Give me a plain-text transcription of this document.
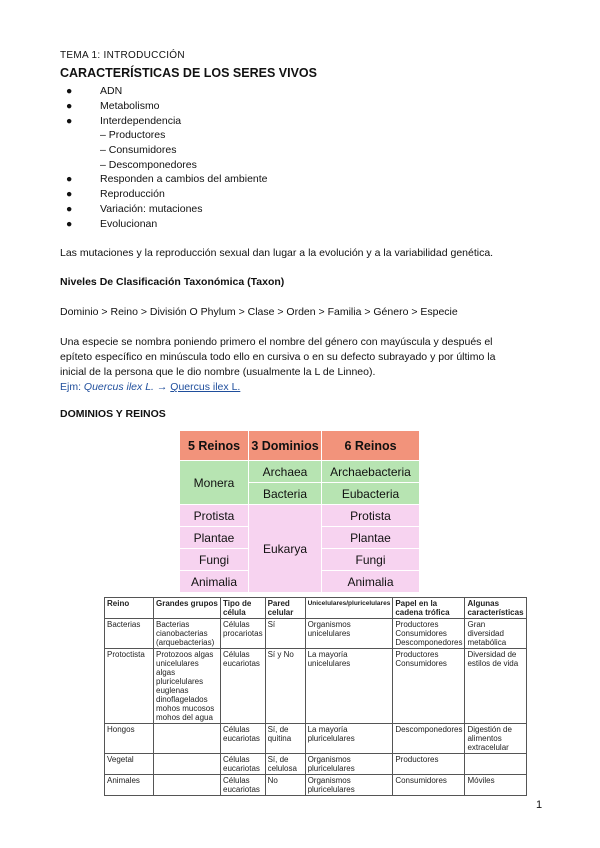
TEMA 1: INTRODUCCIÓN
CARACTERÍSTICAS DE LOS SERES VIVOS
●	ADN
●	Metabolismo
●	Interdependencia
– Productores
– Consumidores
– Descomponedores
●	Responden a cambios del ambiente
●	Reproducción
●	Variación: mutaciones
●	Evolucionan
Las mutaciones y la reproducción sexual dan lugar a la evolución y a la variabilidad genética.
Niveles De Clasificación Taxonómica (Taxon)
Dominio > Reino > División O Phylum > Clase > Orden > Familia > Género > Especie
Una especie se nombra poniendo primero el nombre del género con mayúscula y después el
epíteto específico en minúscula todo ello en cursiva o en su defecto subrayado y por último la
inicial de la persona que le dio nombre (usualmente la L de Linneo).
Ejm: Quercus ilex L. → Quercus ilex L.
DOMINIOS Y REINOS
5 Reinos	3 Dominios	6 Reinos
Monera	Archaea	Archaebacteria
	Bacteria	Eubacteria
Protista	Eukarya	Protista
Plantae		Plantae
Fungi		Fungi
Animalia		Animalia
Reino	Grandes grupos	Tipo de célula	Pared celular	Unicelulares/pluricelulares	Papel en la cadena trófica	Algunas características
Bacterias	Bacterias cianobacterias (arquebacterias)	Células procariotas	Sí	Organismos unicelulares	Productores Consumidores Descomponedores	Gran diversidad metabólica
Protoctista	Protozoos algas unicelulares algas pluricelulares euglenas dinoflagelados mohos mucosos mohos del agua	Células eucariotas	Sí y No	La mayoría unicelulares	Productores Consumidores	Diversidad de estilos de vida
Hongos		Células eucariotas	Sí, de quitina	La mayoría pluricelulares	Descomponedores	Digestión de alimentos extracelular
Vegetal		Células eucariotas	Sí, de celulosa	Organismos pluricelulares	Productores	
Animales		Células eucariotas	No	Organismos pluricelulares	Consumidores	Móviles
1
